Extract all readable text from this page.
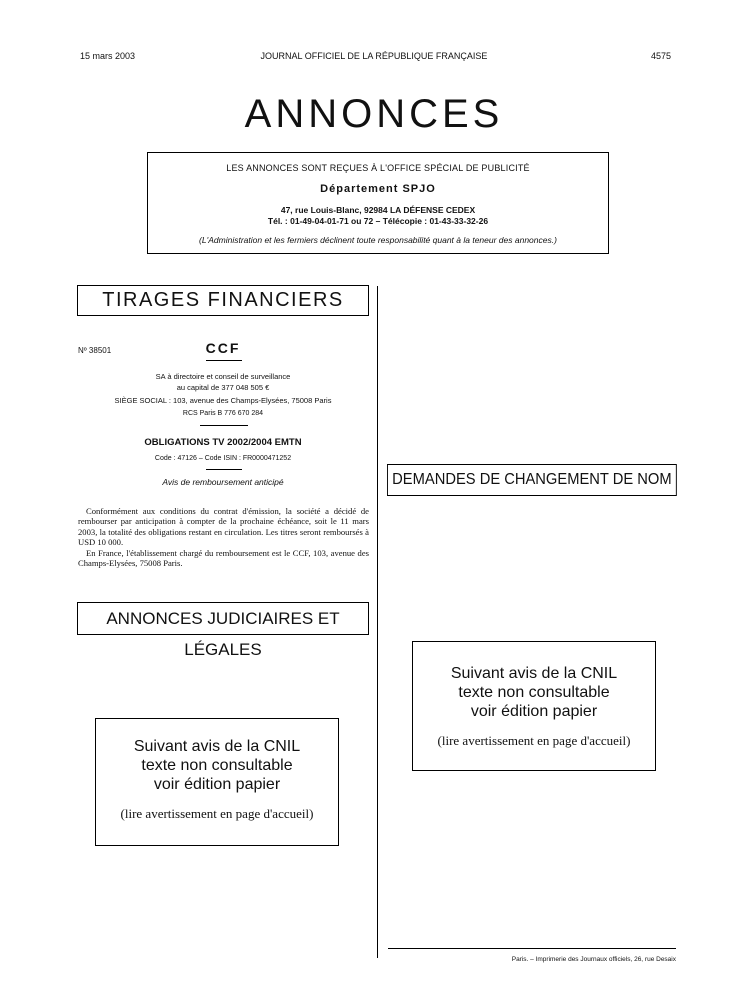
15 mars 2003	JOURNAL OFFICIEL DE LA RÉPUBLIQUE FRANÇAISE	4575
ANNONCES
LES ANNONCES SONT REÇUES À L'OFFICE SPÉCIAL DE PUBLICITÉ
Département SPJO
47, rue Louis-Blanc, 92984 LA DÉFENSE CEDEX
Tél. : 01-49-04-01-71 ou 72 – Télécopie : 01-43-33-32-26
(L'Administration et les fermiers déclinent toute responsabilité quant à la teneur des annonces.)
TIRAGES FINANCIERS
Nº 38501	CCF
SA à directoire et conseil de surveillance
au capital de 377 048 505 €
SIÈGE SOCIAL : 103, avenue des Champs-Elysées, 75008 Paris
RCS Paris B 776 670 284
OBLIGATIONS TV 2002/2004 EMTN
Code : 47126 – Code ISIN : FR0000471252
Avis de remboursement anticipé

Conformément aux conditions du contrat d'émission, la société a décidé de rembourser par anticipation à compter de la prochaine échéance, soit le 11 mars 2003, la totalité des obligations restant en circulation. Les titres seront remboursés à USD 10 000.

En France, l'établissement chargé du remboursement est le CCF, 103, avenue des Champs-Elysées, 75008 Paris.

ANNONCES JUDICIAIRES ET LÉGALES
DEMANDES DE CHANGEMENT DE NOM
Suivant avis de la CNIL
texte non consultable
voir édition papier
(lire avertissement en page d'accueil)
Suivant avis de la CNIL
texte non consultable
voir édition papier
(lire avertissement en page d'accueil)
Paris. – Imprimerie des Journaux officiels, 26, rue Desaix
